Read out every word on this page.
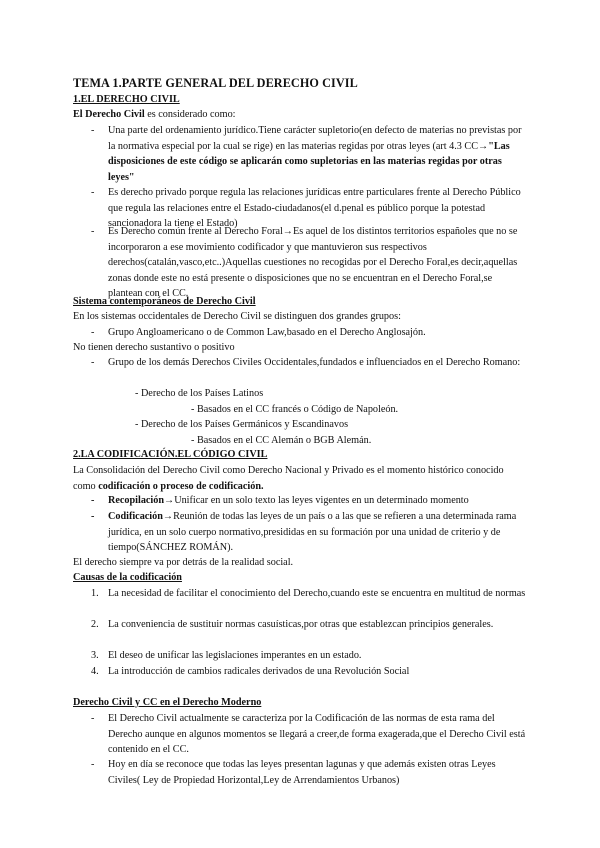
TEMA 1.PARTE GENERAL DEL DERECHO CIVIL
1.EL DERECHO CIVIL
El Derecho Civil es considerado como:
- Una parte del ordenamiento jurídico.Tiene carácter supletorio(en defecto de materias no previstas por la normativa especial por la cual se rige) en las materias regidas por otras leyes (art 4.3 CC→"Las disposiciones de este código se aplicarán como supletorias en las materias regidas por otras leyes"
- Es derecho privado porque regula las relaciones jurídicas entre particulares frente al Derecho Público que regula las relaciones entre el Estado-ciudadanos(el d.penal es público porque la potestad sancionadora la tiene el Estado)
- Es Derecho común frente al Derecho Foral→Es aquel de los distintos territorios españoles que no se incorporaron a ese movimiento codificador y que mantuvieron sus respectivos derechos(catalán,vasco,etc..)Aquellas cuestiones no recogidas por el Derecho Foral,es decir,aquellas zonas donde este no está presente o disposiciones que no se encuentran en el Derecho Foral,se plantean con el CC.
Sistema contemporáneos de Derecho Civil
En los sistemas occidentales de Derecho Civil se distinguen dos grandes grupos:
- Grupo Angloamericano o de Common Law,basado en el Derecho Anglosajón.
No tienen derecho sustantivo o positivo
- Grupo de los demás Derechos Civiles Occidentales,fundados e influenciados en el Derecho Romano:
- Derecho de los Países Latinos
- Basados en el CC francés o Código de Napoleón.
- Derecho de los Países Germánicos y Escandinavos
- Basados en el CC Alemán o BGB Alemán.
2.LA CODIFICACIÓN.EL CÓDIGO CIVIL
La Consolidación del Derecho Civil como Derecho Nacional y Privado es el momento histórico conocido como codificación o proceso de codificación.
- Recopilación→Unificar en un solo texto las leyes vigentes en un determinado momento
- Codificación→Reunión de todas las leyes de un país o a las que se refieren a una determinada rama jurídica, en un solo cuerpo normativo,presididas en su formación por una unidad de criterio y de tiempo(SÁNCHEZ ROMÁN).
El derecho siempre va por detrás de la realidad social.
Causas de la codificación
1. La necesidad de facilitar el conocimiento del Derecho,cuando este se encuentra en multitud de normas
2. La conveniencia de sustituir normas casuísticas,por otras que establezcan principios generales.
3. El deseo de unificar las legislaciones imperantes en un estado.
4. La introducción de cambios radicales derivados de una Revolución Social
Derecho Civil y CC en el Derecho Moderno
- El Derecho Civil actualmente se caracteriza por la Codificación de las normas de esta rama del Derecho aunque en algunos momentos se llegará a creer,de forma exagerada,que el Derecho Civil está contenido en el CC.
- Hoy en día se reconoce que todas las leyes presentan lagunas y que además existen otras Leyes Civiles( Ley de Propiedad Horizontal,Ley de Arrendamientos Urbanos)
